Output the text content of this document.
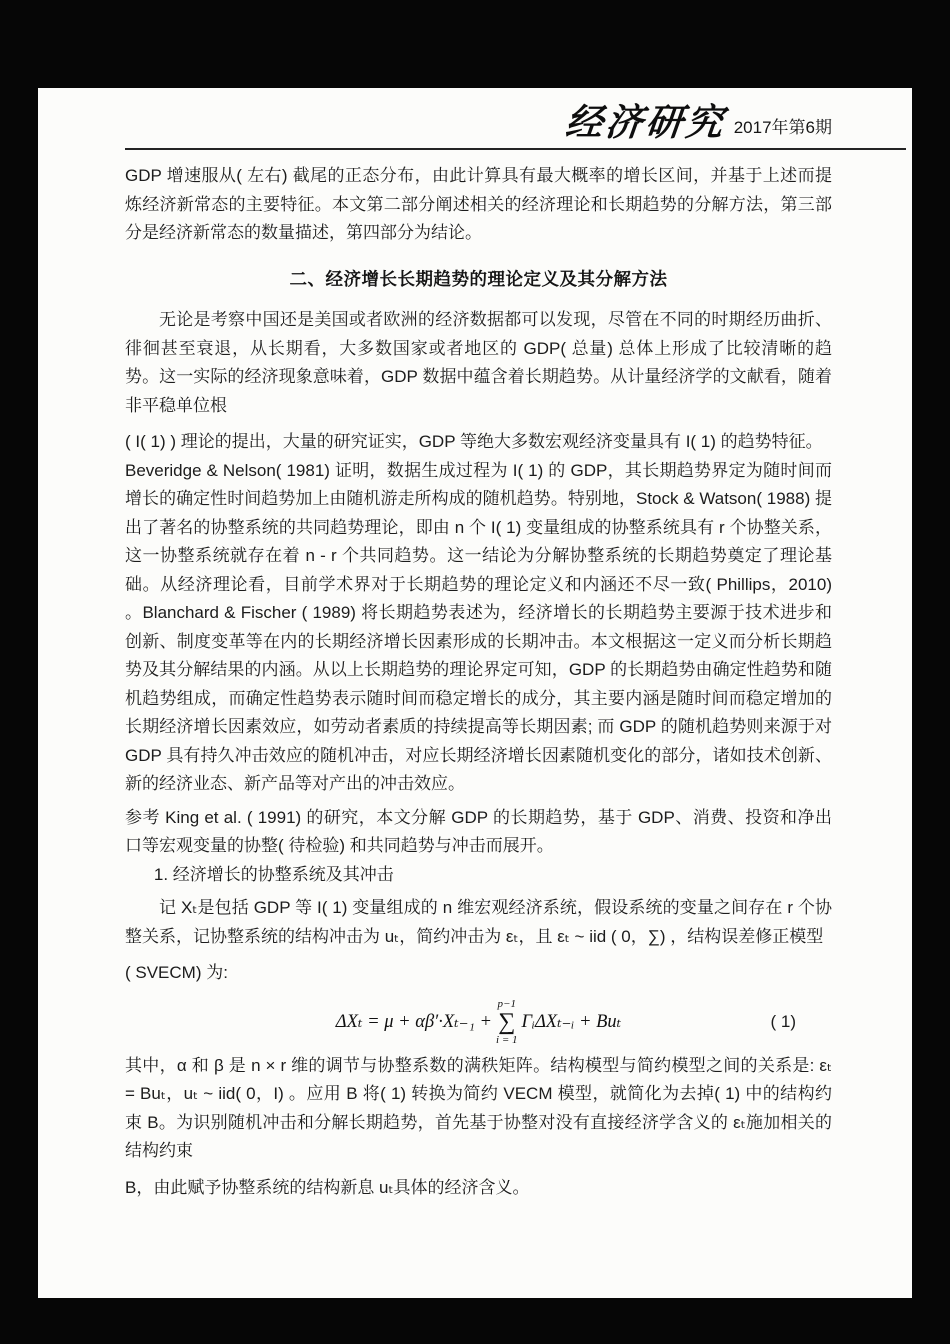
经济研究 2017年第6期

GDP 增速服从( 左右) 截尾的正态分布，由此计算具有最大概率的增长区间，并基于上述而提炼经济新常态的主要特征。本文第二部分阐述相关的经济理论和长期趋势的分解方法，第三部分是经济新常态的数量描述，第四部分为结论。

二、经济增长长期趋势的理论定义及其分解方法

无论是考察中国还是美国或者欧洲的经济数据都可以发现，尽管在不同的时期经历曲折、徘徊甚至衰退，从长期看，大多数国家或者地区的 GDP( 总量) 总体上形成了比较清晰的趋势。这一实际的经济现象意味着，GDP 数据中蕴含着长期趋势。从计量经济学的文献看，随着非平稳单位根

( I( 1) ) 理论的提出，大量的研究证实，GDP 等绝大多数宏观经济变量具有 I( 1) 的趋势特征。

Beveridge & Nelson( 1981) 证明，数据生成过程为 I( 1) 的 GDP，其长期趋势界定为随时间而增长的确定性时间趋势加上由随机游走所构成的随机趋势。特别地，Stock & Watson( 1988) 提出了著名的协整系统的共同趋势理论，即由 n 个 I( 1) 变量组成的协整系统具有 r 个协整关系，这一协整系统就存在着 n - r 个共同趋势。这一结论为分解协整系统的长期趋势奠定了理论基础。从经济理论看，目前学术界对于长期趋势的理论定义和内涵还不尽一致( Phillips，2010) 。Blanchard & Fischer ( 1989) 将长期趋势表述为，经济增长的长期趋势主要源于技术进步和创新、制度变革等在内的长期经济增长因素形成的长期冲击。本文根据这一定义而分析长期趋势及其分解结果的内涵。从以上长期趋势的理论界定可知，GDP 的长期趋势由确定性趋势和随机趋势组成，而确定性趋势表示随时间而稳定增长的成分，其主要内涵是随时间而稳定增加的长期经济增长因素效应，如劳动者素质的持续提高等长期因素; 而 GDP 的随机趋势则来源于对 GDP 具有持久冲击效应的随机冲击，对应长期经济增长因素随机变化的部分，诸如技术创新、新的经济业态、新产品等对产出的冲击效应。

参考 King et al. ( 1991) 的研究，本文分解 GDP 的长期趋势，基于 GDP、消费、投资和净出口等宏观变量的协整( 待检验) 和共同趋势与冲击而展开。

1. 经济增长的协整系统及其冲击

记 Xₜ是包括 GDP 等 I( 1) 变量组成的 n 维宏观经济系统，假设系统的变量之间存在 r 个协整关系，记协整系统的结构冲击为 uₜ，简约冲击为 εₜ，且 εₜ ~ iid ( 0，∑) ，结构误差修正模型

( SVECM) 为:

ΔXₜ = μ + αβ′·Xₜ₋₁ +
p−1
∑
i = 1
ΓᵢΔXₜ₋ᵢ + Buₜ	( 1)

其中，α 和 β 是 n × r 维的调节与协整系数的满秩矩阵。结构模型与简约模型之间的关系是: εₜ = Buₜ，uₜ ~ iid( 0，I) 。应用 B 将( 1) 转换为简约 VECM 模型，就简化为去掉( 1) 中的结构约束 B。为识别随机冲击和分解长期趋势，首先基于协整对没有直接经济学含义的 εₜ施加相关的结构约束

B，由此赋予协整系统的结构新息 uₜ具体的经济含义。
